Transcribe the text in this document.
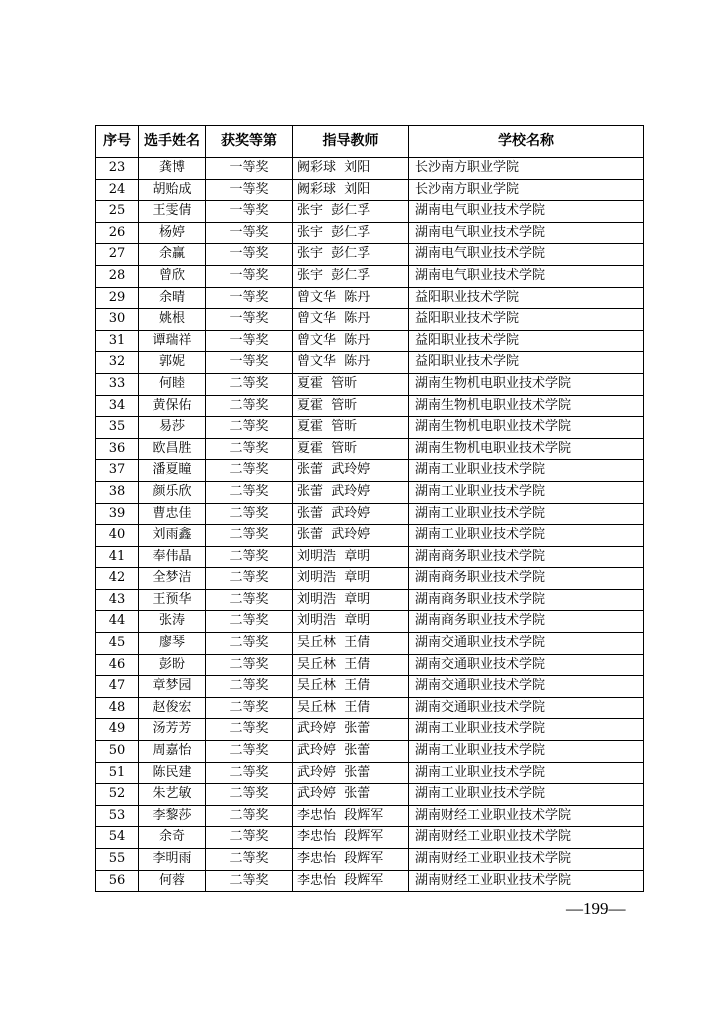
序号	选手姓名	获奖等第	指导教师	学校名称
23	龚博	一等奖	阙彩球  刘阳	长沙南方职业学院
24	胡贻成	一等奖	阙彩球  刘阳	长沙南方职业学院
25	王雯倩	一等奖	张宇  彭仁孚	湖南电气职业技术学院
26	杨婷	一等奖	张宇  彭仁孚	湖南电气职业技术学院
27	余赢	一等奖	张宇  彭仁孚	湖南电气职业技术学院
28	曾欣	一等奖	张宇  彭仁孚	湖南电气职业技术学院
29	余晴	一等奖	曾文华  陈丹	益阳职业技术学院
30	姚根	一等奖	曾文华  陈丹	益阳职业技术学院
31	谭瑞祥	一等奖	曾文华  陈丹	益阳职业技术学院
32	郭妮	一等奖	曾文华  陈丹	益阳职业技术学院
33	何睦	二等奖	夏霍  管昕	湖南生物机电职业技术学院
34	黄保佑	二等奖	夏霍  管昕	湖南生物机电职业技术学院
35	易莎	二等奖	夏霍  管昕	湖南生物机电职业技术学院
36	欧昌胜	二等奖	夏霍  管昕	湖南生物机电职业技术学院
37	潘夏瞳	二等奖	张蕾  武玲婷	湖南工业职业技术学院
38	颜乐欣	二等奖	张蕾  武玲婷	湖南工业职业技术学院
39	曹忠佳	二等奖	张蕾  武玲婷	湖南工业职业技术学院
40	刘雨鑫	二等奖	张蕾  武玲婷	湖南工业职业技术学院
41	奉伟晶	二等奖	刘明浩  章明	湖南商务职业技术学院
42	全梦洁	二等奖	刘明浩  章明	湖南商务职业技术学院
43	王预华	二等奖	刘明浩  章明	湖南商务职业技术学院
44	张涛	二等奖	刘明浩  章明	湖南商务职业技术学院
45	廖琴	二等奖	吴丘林  王倩	湖南交通职业技术学院
46	彭盼	二等奖	吴丘林  王倩	湖南交通职业技术学院
47	章梦园	二等奖	吴丘林  王倩	湖南交通职业技术学院
48	赵俊宏	二等奖	吴丘林  王倩	湖南交通职业技术学院
49	汤芳芳	二等奖	武玲婷  张蕾	湖南工业职业技术学院
50	周嘉怡	二等奖	武玲婷  张蕾	湖南工业职业技术学院
51	陈民建	二等奖	武玲婷  张蕾	湖南工业职业技术学院
52	朱艺敏	二等奖	武玲婷  张蕾	湖南工业职业技术学院
53	李黎莎	二等奖	李忠怡  段辉军	湖南财经工业职业技术学院
54	余奇	二等奖	李忠怡  段辉军	湖南财经工业职业技术学院
55	李明雨	二等奖	李忠怡  段辉军	湖南财经工业职业技术学院
56	何蓉	二等奖	李忠怡  段辉军	湖南财经工业职业技术学院
—199—
